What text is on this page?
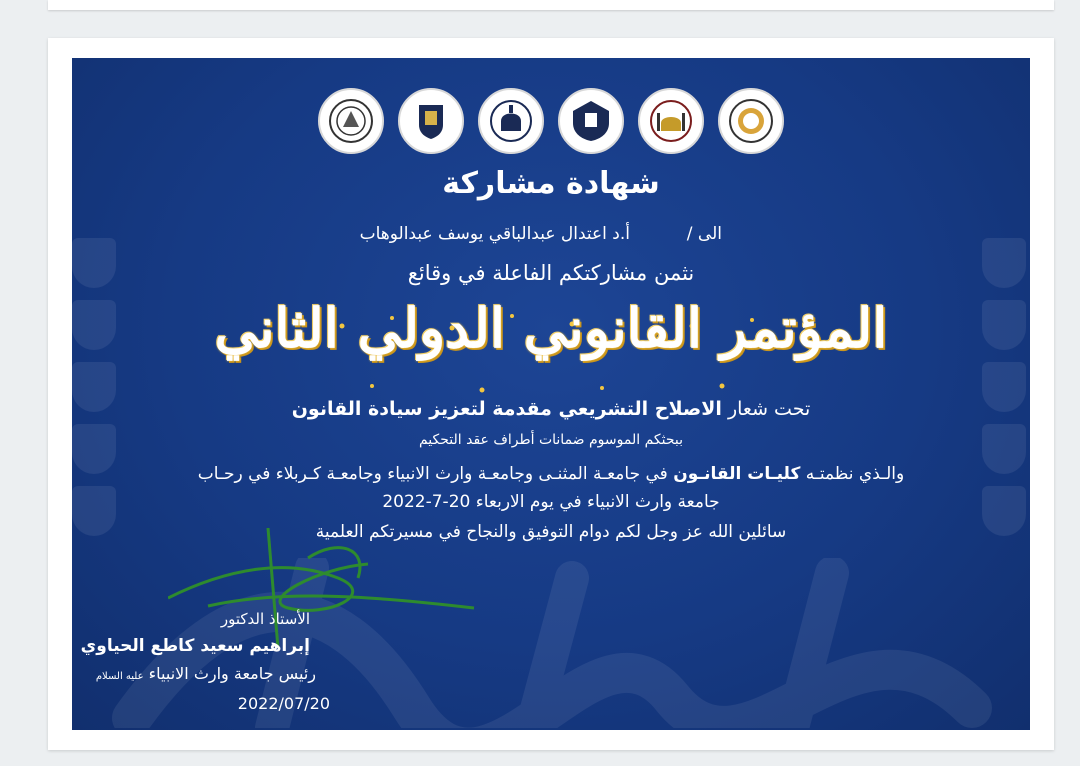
شهادة مشاركة
الى /
أ.د اعتدال عبدالباقي يوسف عبدالوهاب
نثمن مشاركتكم الفاعلة في وقائع
المؤتمر القانوني الدولي الثاني
تحت شعار الاصلاح التشريعي مقدمة لتعزيز سيادة القانون
ببحثكم الموسوم ضمانات أطراف عقد التحكيم
والـذي نظمتـه كليـات القانـون في جامعـة المثنـى وجامعـة وارث الانبياء وجامعـة كـربلاء في رحـاب
جامعة وارث الانبياء في يوم الاربعاء 20-7-2022
سائلين الله عز وجل لكم دوام التوفيق والنجاح في مسيرتكم العلمية
الأستاذ الدكتور
إبراهيم سعيد كاطع الحياوي
رئيس جامعة وارث الانبياء عليه السلام
2022/07/20
